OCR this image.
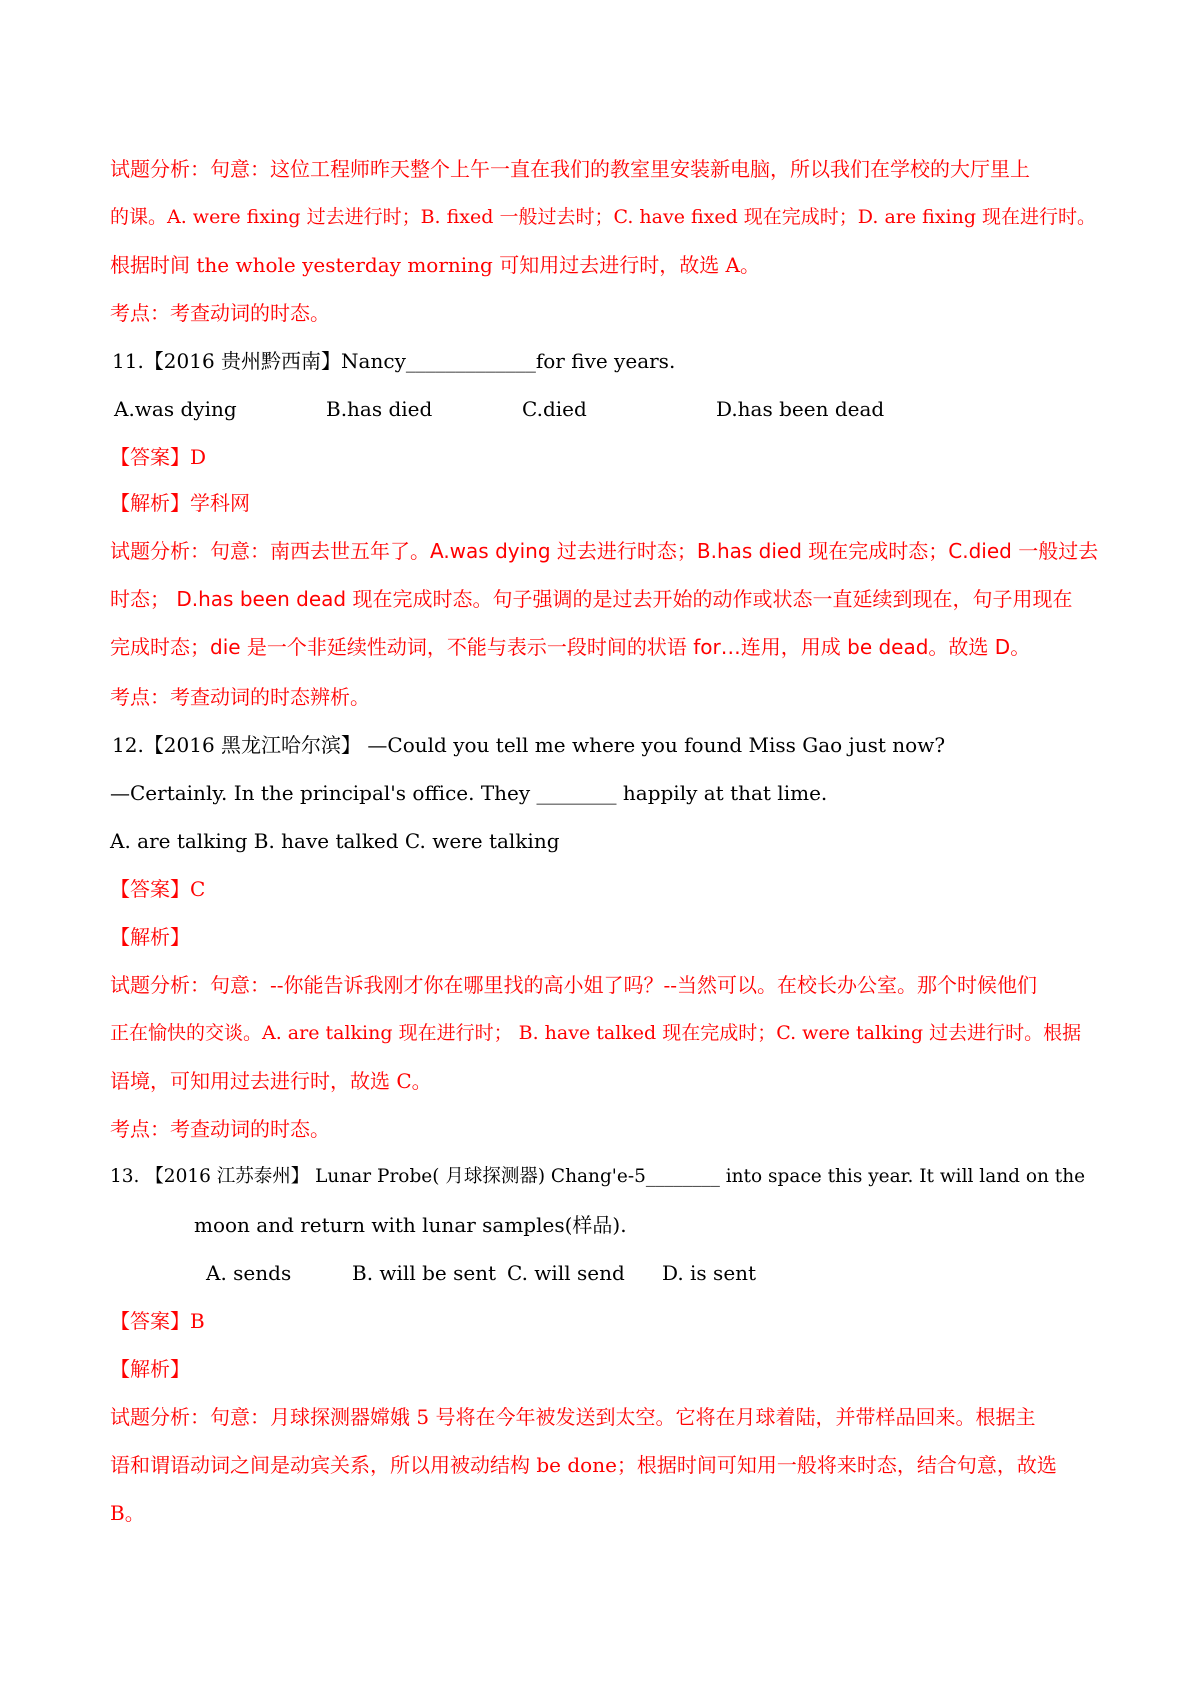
试题分析：句意：这位工程师昨天整个上午一直在我们的教室里安装新电脑，所以我们在学校的大厅里上
的课。A. were fixing 过去进行时；B. fixed 一般过去时；C. have fixed 现在完成时；D. are fixing 现在进行时。
根据时间 the whole yesterday morning 可知用过去进行时，故选 A。
考点：考查动词的时态。
11.【2016 贵州黔西南】Nancy_____________for five years.
A.was dying	B.has died	C.died	D.has been dead
【答案】D
【解析】学科网
试题分析：句意：南西去世五年了。A.was dying 过去进行时态；B.has died 现在完成时态；C.died 一般过去
时态； D.has been dead 现在完成时态。句子强调的是过去开始的动作或状态一直延续到现在，句子用现在
完成时态；die 是一个非延续性动词，不能与表示一段时间的状语 for…连用，用成 be dead。故选 D。
考点：考查动词的时态辨析。
12.【2016 黑龙江哈尔滨】 —Could you tell me where you found Miss Gao just now?
—Certainly. In the principal's office. They ________ happily at that lime.
A. are talking B. have talked C. were talking
【答案】C
【解析】
试题分析：句意：--你能告诉我刚才你在哪里找的高小姐了吗？--当然可以。在校长办公室。那个时候他们
正在愉快的交谈。A. are talking 现在进行时； B. have talked 现在完成时；C. were talking 过去进行时。根据
语境，可知用过去进行时，故选 C。
考点：考查动词的时态。
13. 【2016 江苏泰州】 Lunar Probe( 月球探测器) Chang'e-5________ into space this year. It will land on the
moon and return with lunar samples(样品).
A. sends	B. will be sent C. will send D. is sent
【答案】B
【解析】
试题分析：句意：月球探测器嫦娥 5 号将在今年被发送到太空。它将在月球着陆，并带样品回来。根据主
语和谓语动词之间是动宾关系，所以用被动结构 be done；根据时间可知用一般将来时态，结合句意，故选
B。
